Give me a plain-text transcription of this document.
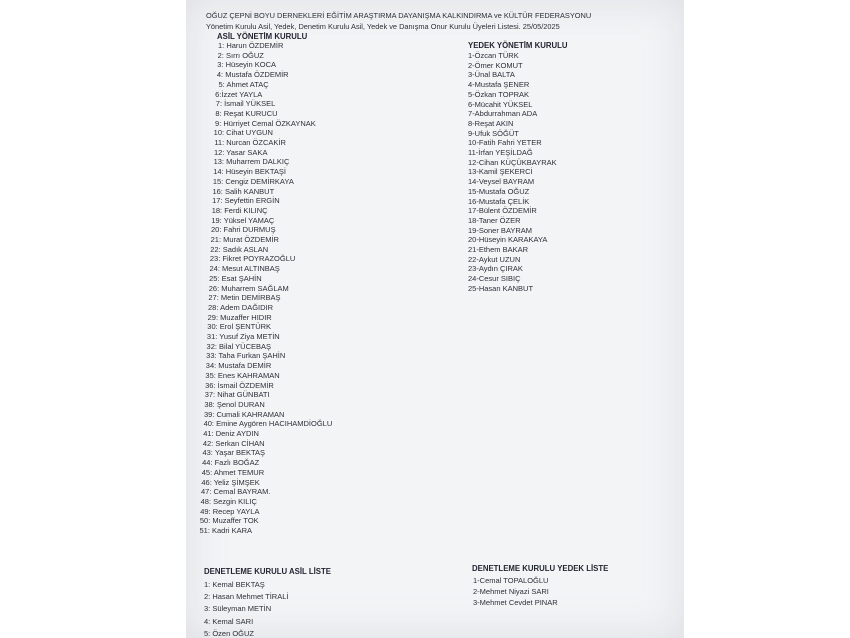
OĞUZ ÇEPNİ BOYU DERNEKLERİ EĞİTİM ARAŞTIRMA DAYANIŞMA KALKINDIRMA ve KÜLTÜR FEDERASYONU
Yönetim Kurulu Asil, Yedek, Denetim Kurulu Asil, Yedek ve Danışma Onur Kurulu Üyeleri Listesi. 25/05/2025
ASİL YÖNETİM KURULU
1: Harun ÖZDEMİR
2: Sırrı OĞUZ
3: Hüseyin KOCA
4: Mustafa ÖZDEMİR
5: Ahmet ATAÇ
6:İzzet YAYLA
7: İsmail YÜKSEL
8: Reşat KURUCU
9: Hürriyet Cemal ÖZKAYNAK
10: Cihat UYGUN
11: Nurcan ÖZCAKİR
12: Yasar SAKA
13: Muharrem DALKIÇ
14: Hüseyin BEKTAŞİ
15: Cengiz DEMİRKAYA
16: Salih KANBUT
17: Seyfettin ERGİN
18: Ferdi KILINÇ
19: Yüksel YAMAÇ
20: Fahri DURMUŞ
21: Murat ÖZDEMİR
22: Sadık ASLAN
23: Fikret POYRAZOĞLU
24: Mesut ALTINBAŞ
25: Esat ŞAHİN
26: Muharrem SAĞLAM
27: Metin DEMİRBAŞ
28: Adem DAĞIDIR
29: Muzaffer HIDIR
30: Erol ŞENTÜRK
31: Yusuf Ziya METİN
32: Bilal YÜCEBAŞ
33: Taha Furkan ŞAHİN
34: Mustafa DEMİR
35: Enes KAHRAMAN
36: İsmail ÖZDEMİR
37: Nihat GÜNBATI
38: Şenol DURAN
39: Cumali KAHRAMAN
40: Emine Aygören HACIHAMDİOĞLU
41: Deniz AYDIN
42: Serkan CİHAN
43: Yaşar BEKTAŞ
44: Fazlı BOĞAZ
45: Ahmet TEMUR
46: Yeliz ŞİMŞEK
47: Cemal BAYRAM.
48: Sezgin KILIÇ
49: Recep YAYLA
50: Muzaffer TOK
51: Kadri KARA
YEDEK YÖNETİM KURULU
1-Özcan TÜRK
2-Ömer KOMUT
3-Ünal BALTA
4-Mustafa ŞENER
5-Özkan TOPRAK
6-Mücahit YÜKSEL
7-Abdurrahman ADA
8-Reşat AKIN
9-Ufuk SÖĞÜT
10-Fatih Fahri YETER
11-İrfan YEŞİLDAĞ
12-Cihan KÜÇÜKBAYRAK
13-Kamil ŞEKERCİ
14-Veysel BAYRAM
15-Mustafa OĞUZ
16-Mustafa ÇELİK
17-Bülent ÖZDEMİR
18-Taner ÖZER
19-Soner BAYRAM
20-Hüseyin KARAKAYA
21-Ethem BAKAR
22-Aykut UZUN
23-Aydın ÇIRAK
24-Cesur SIBIÇ
25-Hasan KANBUT
DENETLEME KURULU ASİL LİSTE
1: Kemal BEKTAŞ
2: Hasan Mehmet TİRALİ
3: Süleyman METİN
4: Kemal SARI
5: Özen OĞUZ
DENETLEME KURULU YEDEK LİSTE
1-Cemal TOPALOĞLU
2-Mehmet Niyazi SARI
3-Mehmet Cevdet PINAR
